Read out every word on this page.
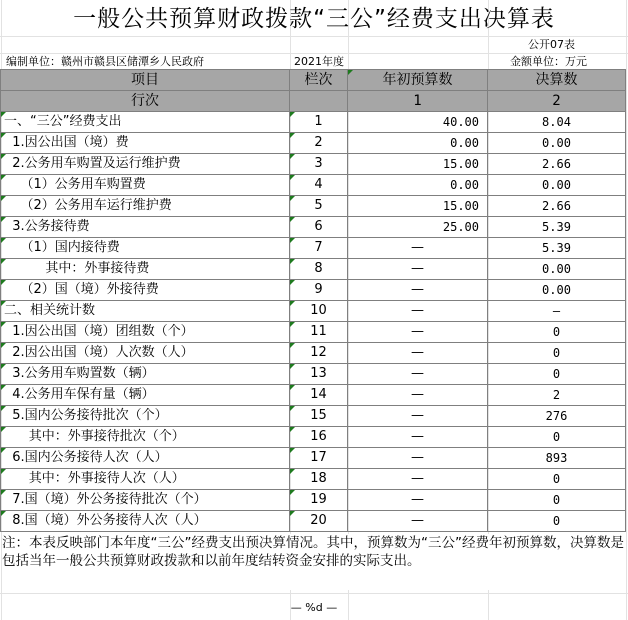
一般公共预算财政拨款“三公”经费支出决算表
公开07表
编制单位：赣州市赣县区储潭乡人民政府	2021年度	金额单位：万元
项目	栏次	年初预算数	决算数
行次		1	2
一、“三公”经费支出	1	40.00	8.04
1.因公出国（境）费	2	0.00	0.00
2.公务用车购置及运行维护费	3	15.00	2.66
（1）公务用车购置费	4	0.00	0.00
（2）公务用车运行维护费	5	15.00	2.66
3.公务接待费	6	25.00	5.39
（1）国内接待费	7	—	5.39
其中：外事接待费	8	—	0.00
（2）国（境）外接待费	9	—	0.00
二、相关统计数	10	—	—
1.因公出国（境）团组数（个）	11	—	0
2.因公出国（境）人次数（人）	12	—	0
3.公务用车购置数（辆）	13	—	0
4.公务用车保有量（辆）	14	—	2
5.国内公务接待批次（个）	15	—	276
其中：外事接待批次（个）	16	—	0
6.国内公务接待人次（人）	17	—	893
其中：外事接待人次（人）	18	—	0
7.国（境）外公务接待批次（个）	19	—	0
8.国（境）外公务接待人次（人）	20	—	0
注：本表反映部门本年度“三公”经费支出预决算情况。其中，预算数为“三公”经费年初预算数，决算数是包括当年一般公共预算财政拨款和以前年度结转资金安排的实际支出。
— %d —
